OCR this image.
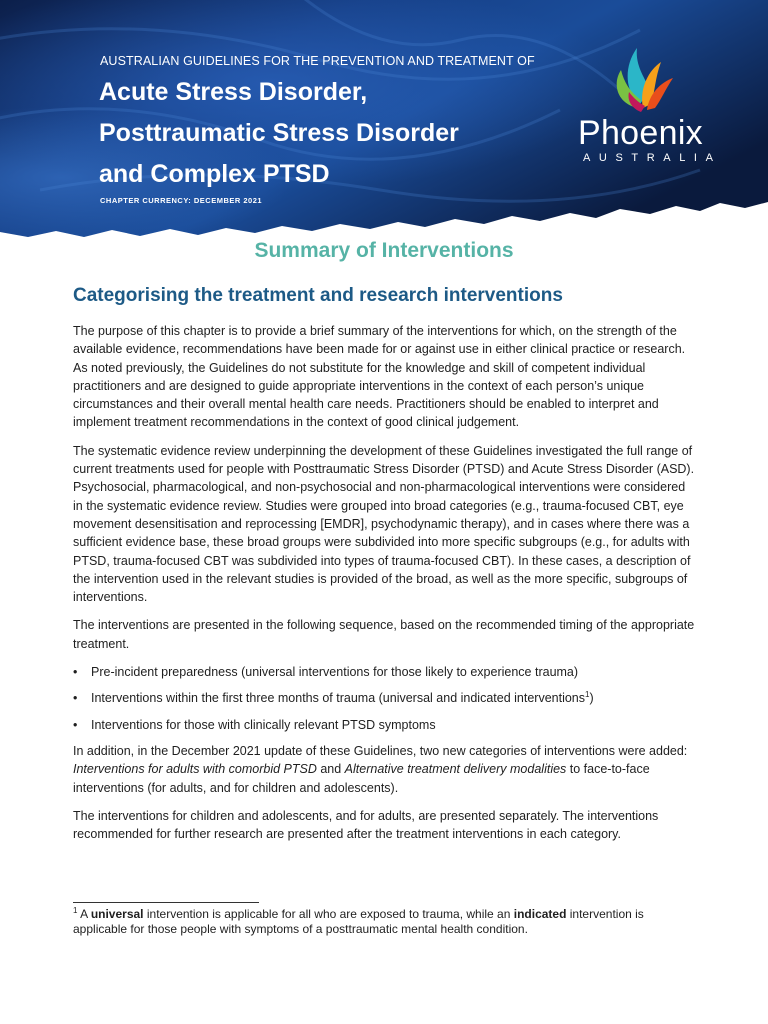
AUSTRALIAN GUIDELINES FOR THE PREVENTION AND TREATMENT OF
Acute Stress Disorder,
Posttraumatic Stress Disorder
and Complex PTSD
CHAPTER CURRENCY: DECEMBER 2021
Phoenix
AUSTRALIA
Summary of Interventions
Categorising the treatment and research interventions

The purpose of this chapter is to provide a brief summary of the interventions for which, on the strength of the available evidence, recommendations have been made for or against use in either clinical practice or research. As noted previously, the Guidelines do not substitute for the knowledge and skill of competent individual practitioners and are designed to guide appropriate interventions in the context of each person’s unique circumstances and their overall mental health care needs. Practitioners should be enabled to interpret and implement treatment recommendations in the context of good clinical judgement.

The systematic evidence review underpinning the development of these Guidelines investigated the full range of current treatments used for people with Posttraumatic Stress Disorder (PTSD) and Acute Stress Disorder (ASD). Psychosocial, pharmacological, and non-psychosocial and non-pharmacological interventions were considered in the systematic evidence review. Studies were grouped into broad categories (e.g., trauma-focused CBT, eye movement desensitisation and reprocessing [EMDR], psychodynamic therapy), and in cases where there was a sufficient evidence base, these broad groups were subdivided into more specific subgroups (e.g., for adults with PTSD, trauma-focused CBT was subdivided into types of trauma-focused CBT). In these cases, a description of the intervention used in the relevant studies is provided of the broad, as well as the more specific, subgroups of interventions.

The interventions are presented in the following sequence, based on the recommended timing of the appropriate treatment.

• Pre-incident preparedness (universal interventions for those likely to experience trauma)
• Interventions within the first three months of trauma (universal and indicated interventions$^1$)
• Interventions for those with clinically relevant PTSD symptoms

In addition, in the December 2021 update of these Guidelines, two new categories of interventions were added: Interventions for adults with comorbid PTSD and Alternative treatment delivery modalities to face-to-face interventions (for adults, and for children and adolescents).

The interventions for children and adolescents, and for adults, are presented separately. The interventions recommended for further research are presented after the treatment interventions in each category.

$^1$ A universal intervention is applicable for all who are exposed to trauma, while an indicated intervention is applicable for those people with symptoms of a posttraumatic mental health condition.
